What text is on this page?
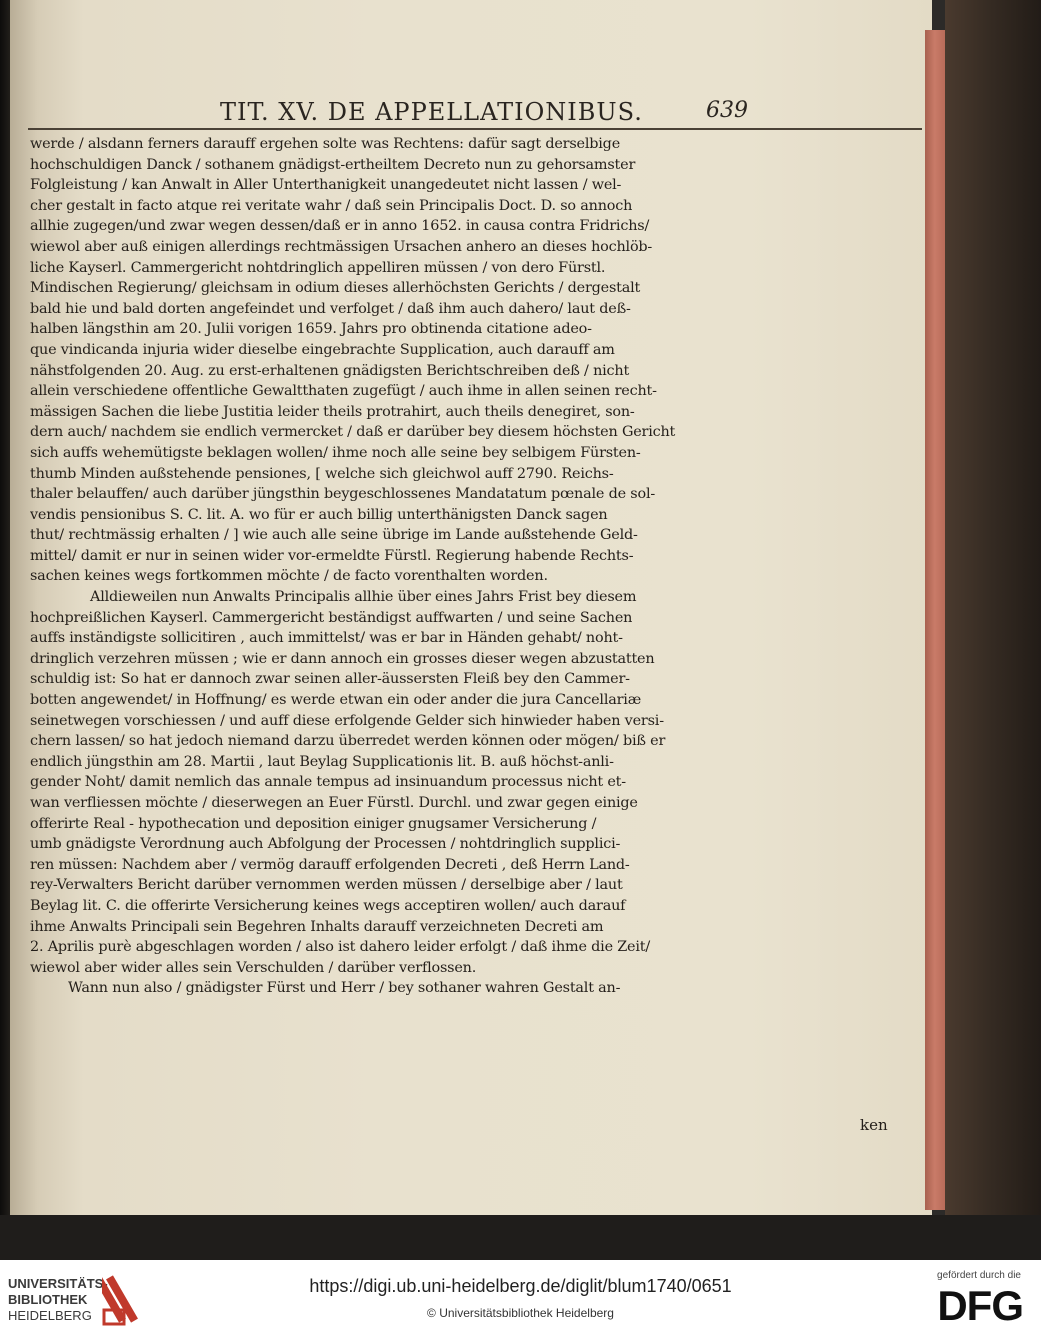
TIT. XV. DE APPELLATIONIBUS.	639
werde / alsdann ferners darauff ergehen solte was Rechtens: dafür sagt derselbige
hochschuldigen Danck / sothanem gnädigst-ertheiltem Decreto nun zu gehorsamster
Folgleistung / kan Anwalt in Aller Unterthanigkeit unangedeutet nicht lassen / wel-
cher gestalt in facto atque rei veritate wahr / daß sein Principalis Doct. D. so annoch
allhie zugegen/und zwar wegen dessen/daß er in anno 1652. in causa contra Fridrichs/
wiewol aber auß einigen allerdings rechtmässigen Ursachen anhero an dieses hochlöb-
liche Kayserl. Cammergericht nohtdringlich appelliren müssen / von dero Fürstl.
Mindischen Regierung/ gleichsam in odium dieses allerhöchsten Gerichts / dergestalt
bald hie und bald dorten angefeindet und verfolget / daß ihm auch dahero/ laut deß-
halben längsthin am 20. Julii vorigen 1659. Jahrs pro obtinenda citatione adeo-
que vindicanda injuria wider dieselbe eingebrachte Supplication, auch darauff am
nähstfolgenden 20. Aug. zu erst-erhaltenen gnädigsten Berichtschreiben deß / nicht
allein verschiedene offentliche Gewaltthaten zugefügt / auch ihme in allen seinen recht-
mässigen Sachen die liebe Justitia leider theils protrahirt, auch theils denegiret, son-
dern auch/ nachdem sie endlich vermercket / daß er darüber bey diesem höchsten Gericht
sich auffs wehemütigste beklagen wollen/ ihme noch alle seine bey selbigem Fürsten-
thumb Minden außstehende pensiones, [ welche sich gleichwol auff 2790. Reichs-
thaler belauffen/ auch darüber jüngsthin beygeschlossenes Mandatatum pœnale de sol-
vendis pensionibus S. C. lit. A. wo für er auch billig unterthänigsten Danck sagen
thut/ rechtmässig erhalten / ] wie auch alle seine übrige im Lande außstehende Geld-
mittel/ damit er nur in seinen wider vor-ermeldte Fürstl. Regierung habende Rechts-
sachen keines wegs fortkommen möchte / de facto vorenthalten worden.
Alldieweilen nun Anwalts Principalis allhie über eines Jahrs Frist bey diesem
hochpreißlichen Kayserl. Cammergericht beständigst auffwarten / und seine Sachen
auffs inständigste sollicitiren , auch immittelst/ was er bar in Händen gehabt/ noht-
dringlich verzehren müssen ; wie er dann annoch ein grosses dieser wegen abzustatten
schuldig ist: So hat er dannoch zwar seinen aller-äussersten Fleiß bey den Cammer-
botten angewendet/ in Hoffnung/ es werde etwan ein oder ander die jura Cancellariæ
seinetwegen vorschiessen / und auff diese erfolgende Gelder sich hinwieder haben versi-
chern lassen/ so hat jedoch niemand darzu überredet werden können oder mögen/ biß er
endlich jüngsthin am 28. Martii , laut Beylag Supplicationis lit. B. auß höchst-anli-
gender Noht/ damit nemlich das annale tempus ad insinuandum processus nicht et-
wan verfliessen möchte / dieserwegen an Euer Fürstl. Durchl. und zwar gegen einige
offerirte Real - hypothecation und deposition einiger gnugsamer Versicherung /
umb gnädigste Verordnung auch Abfolgung der Processen / nohtdringlich supplici-
ren müssen: Nachdem aber / vermög darauff erfolgenden Decreti , deß Herrn Land-
rey-Verwalters Bericht darüber vernommen werden müssen / derselbige aber / laut
Beylag lit. C. die offerirte Versicherung keines wegs acceptiren wollen/ auch darauf
ihme Anwalts Principali sein Begehren Inhalts darauff verzeichneten Decreti am
2. Aprilis purè abgeschlagen worden / also ist dahero leider erfolgt / daß ihme die Zeit/
wiewol aber wider alles sein Verschulden / darüber verflossen.
Wann nun also / gnädigster Fürst und Herr / bey sothaner wahren Gestalt an-
ken
UNIVERSITÄTS-
BIBLIOTHEK
HEIDELBERG
https://digi.ub.uni-heidelberg.de/diglit/blum1740/0651
© Universitätsbibliothek Heidelberg
gefördert durch die
DFG
